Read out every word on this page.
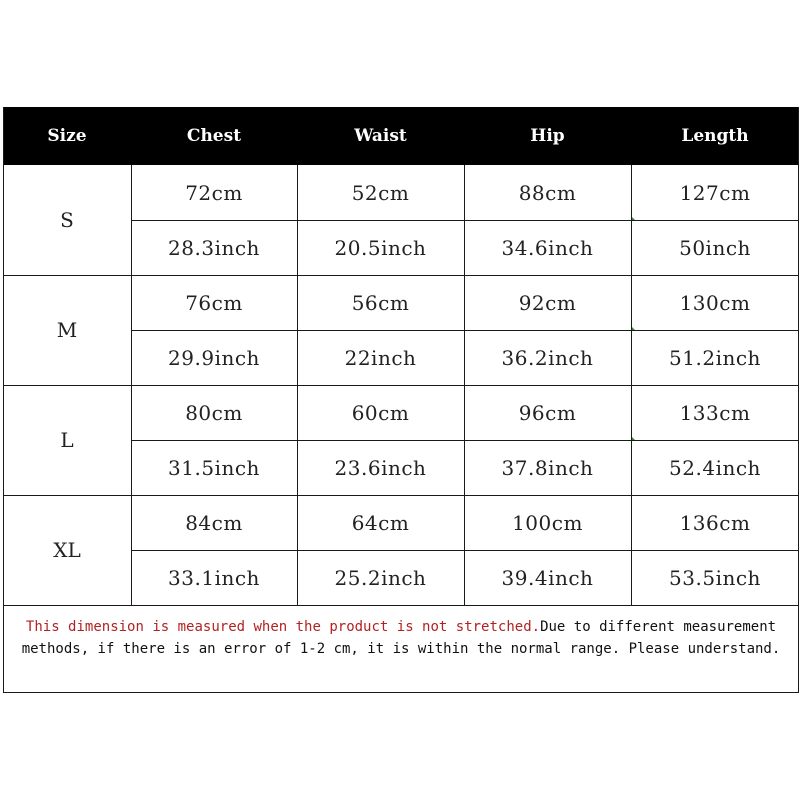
Size	Chest	Waist	Hip	Length
S
72cm	52cm	88cm	127cm
28.3inch	20.5inch	34.6inch	50inch
M
76cm	56cm	92cm	130cm
29.9inch	22inch	36.2inch	51.2inch
L
80cm	60cm	96cm	133cm
31.5inch	23.6inch	37.8inch	52.4inch
XL
84cm	64cm	100cm	136cm
33.1inch	25.2inch	39.4inch	53.5inch

This dimension is measured when the product is not stretched.Due to different measurement methods, if there is an error of 1-2 cm, it is within the normal range. Please understand.
